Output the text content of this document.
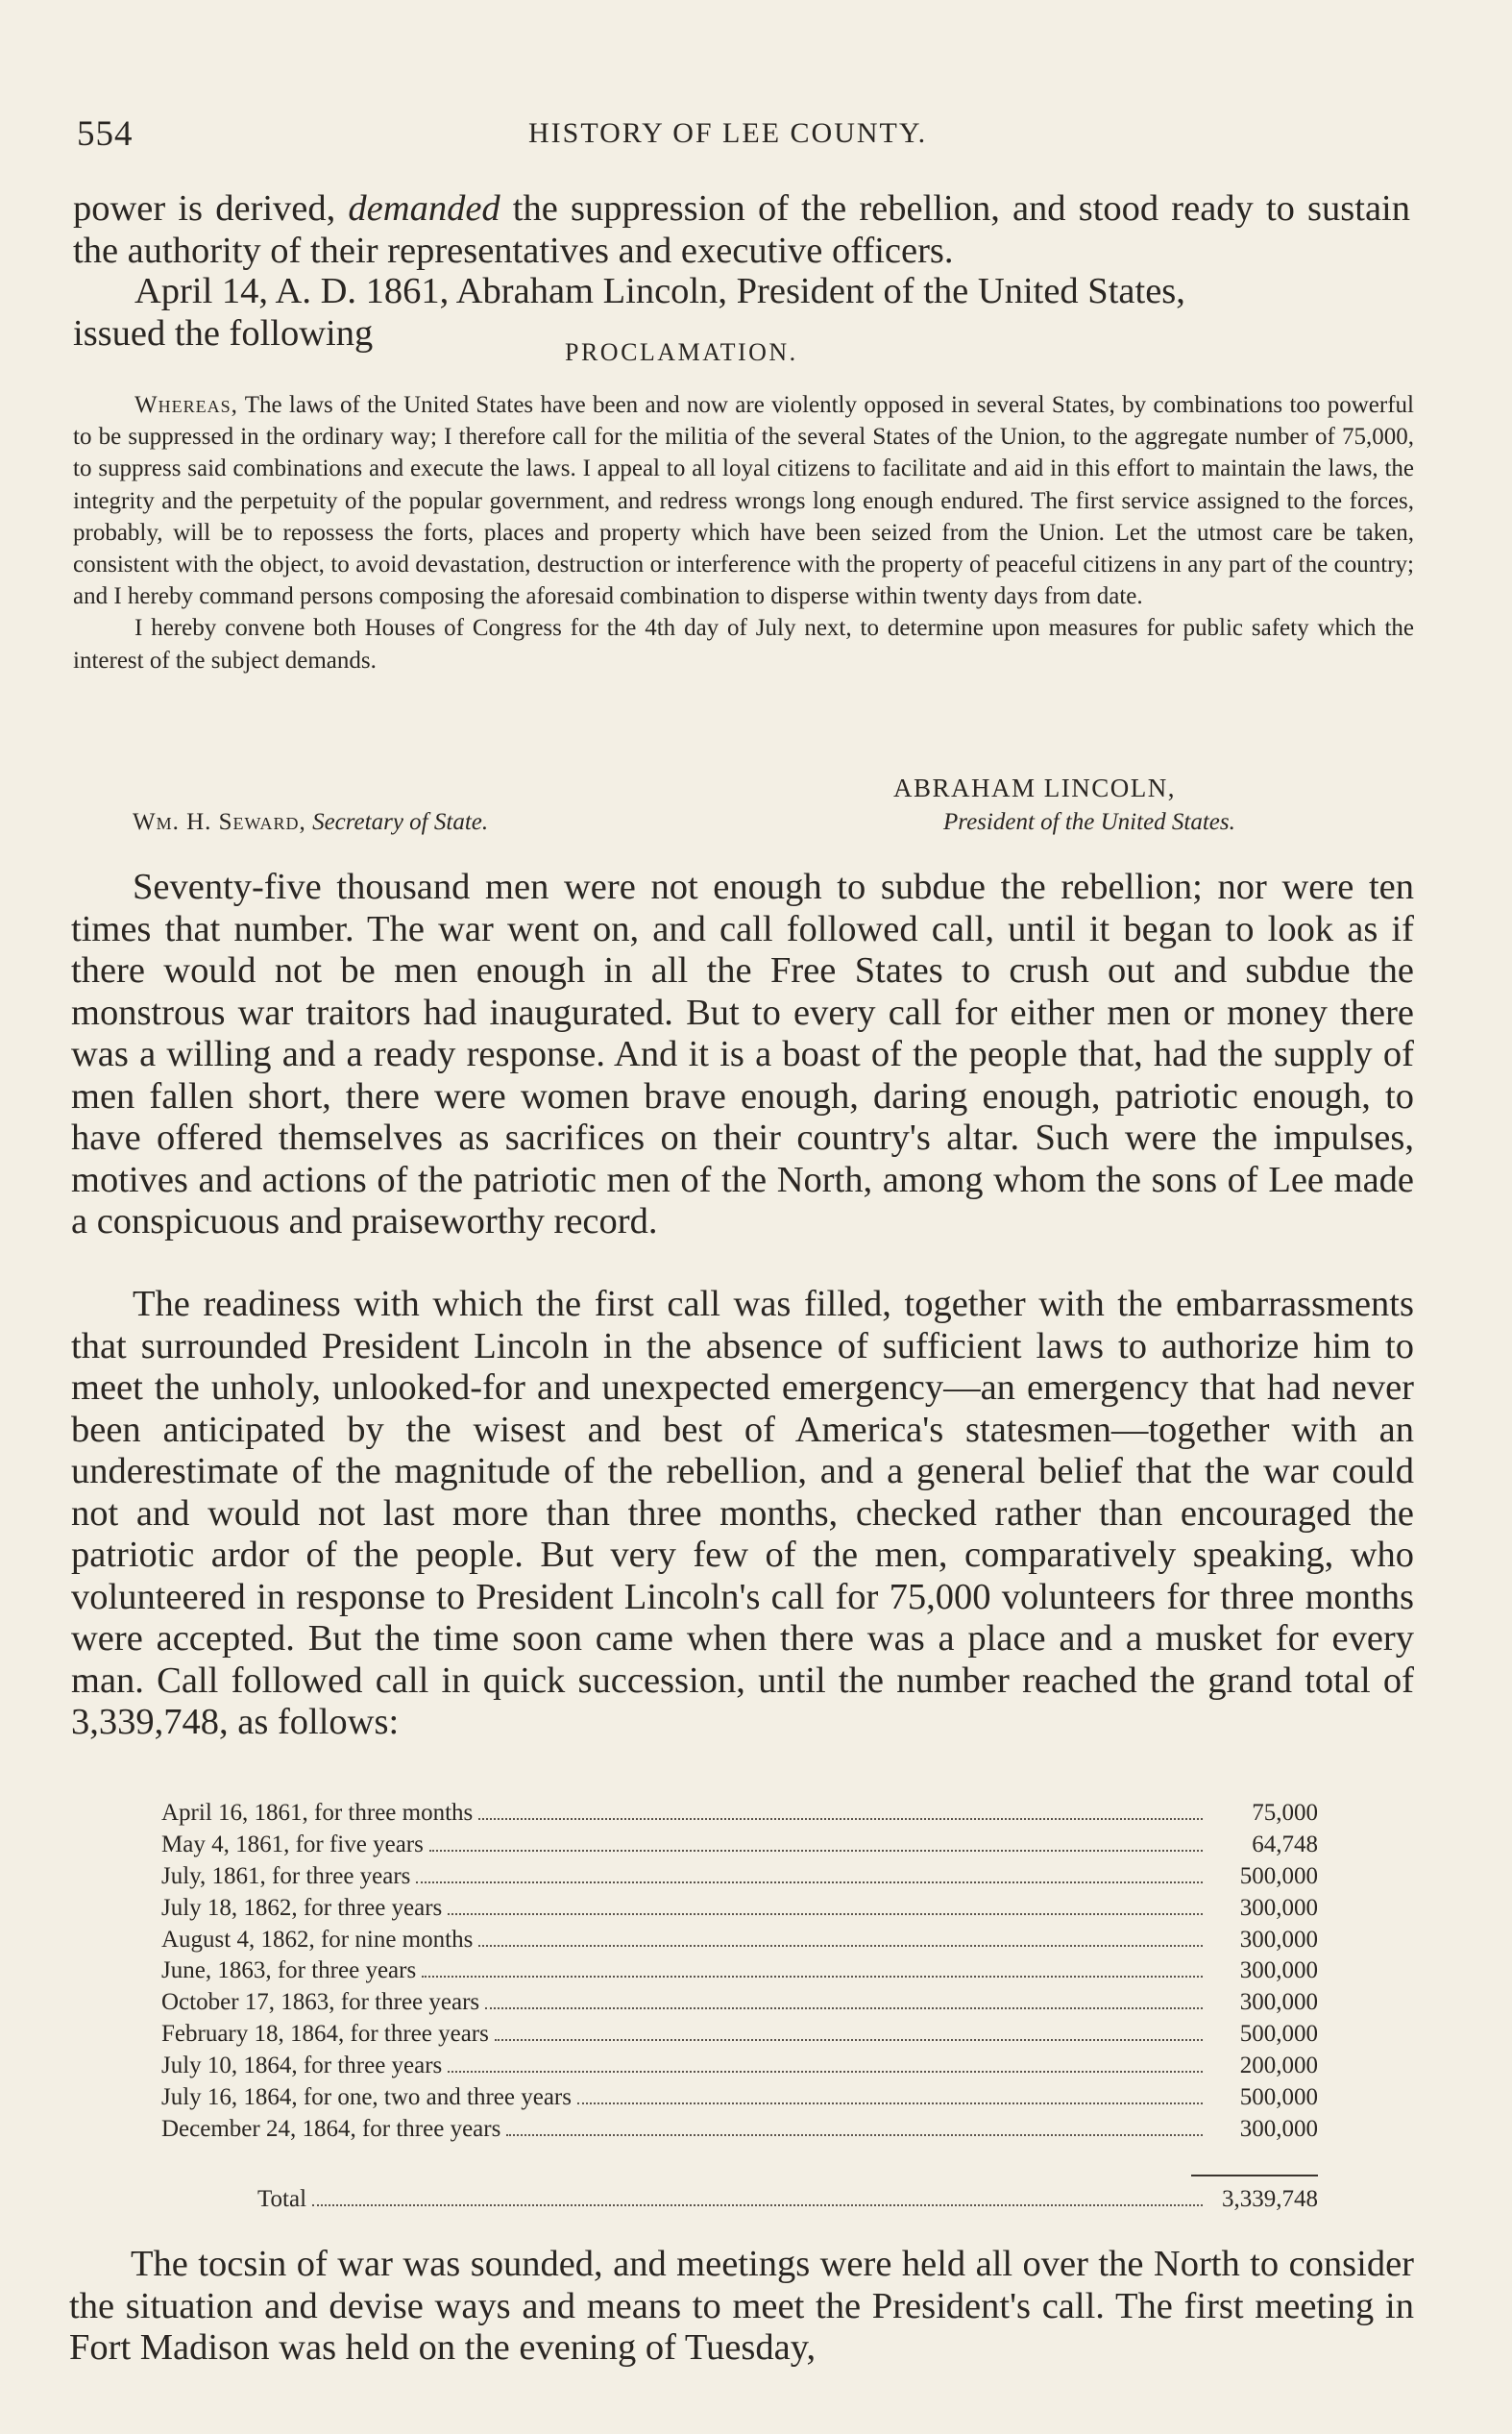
554	HISTORY OF LEE COUNTY.

power is derived, demanded the suppression of the rebellion, and stood ready to sustain the authority of their representatives and executive officers.

April 14, A. D. 1861, Abraham Lincoln, President of the United States,
issued the following	PROCLAMATION.

Whereas, The laws of the United States have been and now are violently opposed in several States, by combinations too powerful to be suppressed in the ordinary way; I therefore call for the militia of the several States of the Union, to the aggregate number of 75,000, to suppress said combinations and execute the laws. I appeal to all loyal citizens to facilitate and aid in this effort to maintain the laws, the integrity and the perpetuity of the popular government, and redress wrongs long enough endured. The first service assigned to the forces, probably, will be to repossess the forts, places and property which have been seized from the Union. Let the utmost care be taken, consistent with the object, to avoid devastation, destruction or interference with the property of peaceful citizens in any part of the country; and I hereby command persons composing the aforesaid combination to disperse within twenty days from date.

I hereby convene both Houses of Congress for the 4th day of July next, to determine upon measures for public safety which the interest of the subject demands.

ABRAHAM LINCOLN,
Wm. H. Seward, Secretary of State.	President of the United States.

Seventy-five thousand men were not enough to subdue the rebellion; nor were ten times that number. The war went on, and call followed call, until it began to look as if there would not be men enough in all the Free States to crush out and subdue the monstrous war traitors had inaugurated. But to every call for either men or money there was a willing and a ready response. And it is a boast of the people that, had the supply of men fallen short, there were women brave enough, daring enough, patriotic enough, to have offered themselves as sacrifices on their country's altar. Such were the impulses, motives and actions of the patriotic men of the North, among whom the sons of Lee made a conspicuous and praiseworthy record.

The readiness with which the first call was filled, together with the embarrassments that surrounded President Lincoln in the absence of sufficient laws to authorize him to meet the unholy, unlooked-for and unexpected emergency—an emergency that had never been anticipated by the wisest and best of America's statesmen—together with an underestimate of the magnitude of the rebellion, and a general belief that the war could not and would not last more than three months, checked rather than encouraged the patriotic ardor of the people. But very few of the men, comparatively speaking, who volunteered in response to President Lincoln's call for 75,000 volunteers for three months were accepted. But the time soon came when there was a place and a musket for every man. Call followed call in quick succession, until the number reached the grand total of 3,339,748, as follows:

April 16, 1861, for three months	75,000
May 4, 1861, for five years	64,748
July, 1861, for three years	500,000
July 18, 1862, for three years	300,000
August 4, 1862, for nine months	300,000
June, 1863, for three years	300,000
October 17, 1863, for three years	300,000
February 18, 1864, for three years	500,000
July 10, 1864, for three years	200,000
July 16, 1864, for one, two and three years	500,000
December 24, 1864, for three years	300,000
Total	3,339,748

The tocsin of war was sounded, and meetings were held all over the North to consider the situation and devise ways and means to meet the President's call. The first meeting in Fort Madison was held on the evening of Tuesday,
